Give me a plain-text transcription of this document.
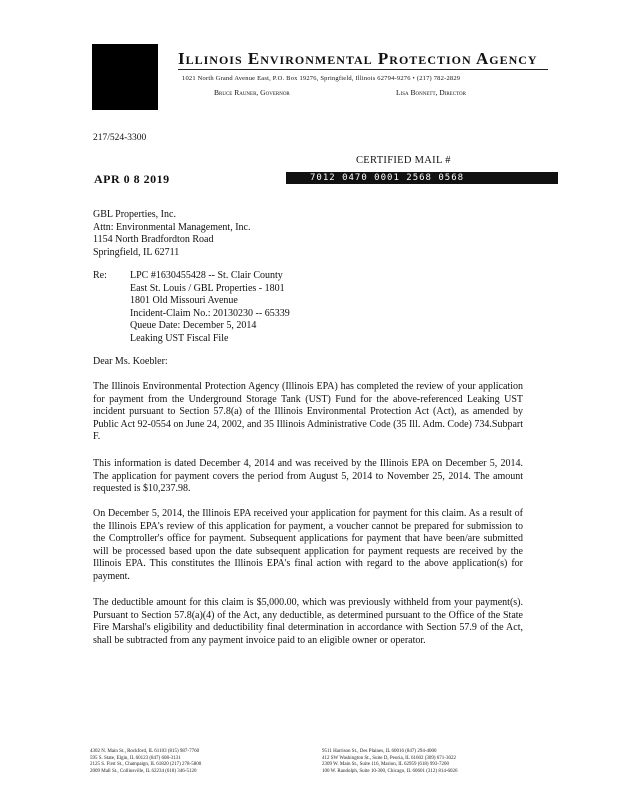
Illinois Environmental Protection Agency
1021 North Grand Avenue East, P.O. Box 19276, Springfield, Illinois 62794-9276 • (217) 782-2829
Bruce Rauner, Governor	Lisa Bonnett, Director
217/524-3300
CERTIFIED MAIL #
APR 0 8 2019	7012 0470 0001 2568 0568
GBL Properties, Inc.
Attn: Environmental Management, Inc.
1154 North Bradfordton Road
Springfield, IL 62711
Re: LPC #1630455428 -- St. Clair County
East St. Louis / GBL Properties - 1801
1801 Old Missouri Avenue
Incident-Claim No.: 20130230 -- 65339
Queue Date: December 5, 2014
Leaking UST Fiscal File
Dear Ms. Koebler:
The Illinois Environmental Protection Agency (Illinois EPA) has completed the review of your application for payment from the Underground Storage Tank (UST) Fund for the above-referenced Leaking UST incident pursuant to Section 57.8(a) of the Illinois Environmental Protection Act (Act), as amended by Public Act 92-0554 on June 24, 2002, and 35 Illinois Administrative Code (35 Ill. Adm. Code) 734.Subpart F.
This information is dated December 4, 2014 and was received by the Illinois EPA on December 5, 2014. The application for payment covers the period from August 5, 2014 to November 25, 2014. The amount requested is $10,237.98.
On December 5, 2014, the Illinois EPA received your application for payment for this claim. As a result of the Illinois EPA's review of this application for payment, a voucher cannot be prepared for submission to the Comptroller's office for payment. Subsequent applications for payment that have been/are submitted will be processed based upon the date subsequent application for payment requests are received by the Illinois EPA. This constitutes the Illinois EPA's final action with regard to the above application(s) for payment.
The deductible amount for this claim is $5,000.00, which was previously withheld from your payment(s). Pursuant to Section 57.8(a)(4) of the Act, any deductible, as determined pursuant to the Office of the State Fire Marshal's eligibility and deductibility final determination in accordance with Section 57.9 of the Act, shall be subtracted from any payment invoice paid to an eligible owner or operator.
4302 N. Main St., Rockford, IL 61103 (815) 987-7760
595 S. State, Elgin, IL 60123 (847) 608-3131
2125 S. First St., Champaign, IL 61820 (217) 278-5800
2009 Mall St., Collinsville, IL 62234 (618) 346-5120
9511 Harrison St., Des Plaines, IL 60016 (847) 294-4000
412 SW Washington St., Suite D, Peoria, IL 61602 (309) 671-3022
2309 W. Main St., Suite 116, Marion, IL 62959 (618) 993-7200
100 W. Randolph, Suite 10-300, Chicago, IL 60601 (312) 814-6026
